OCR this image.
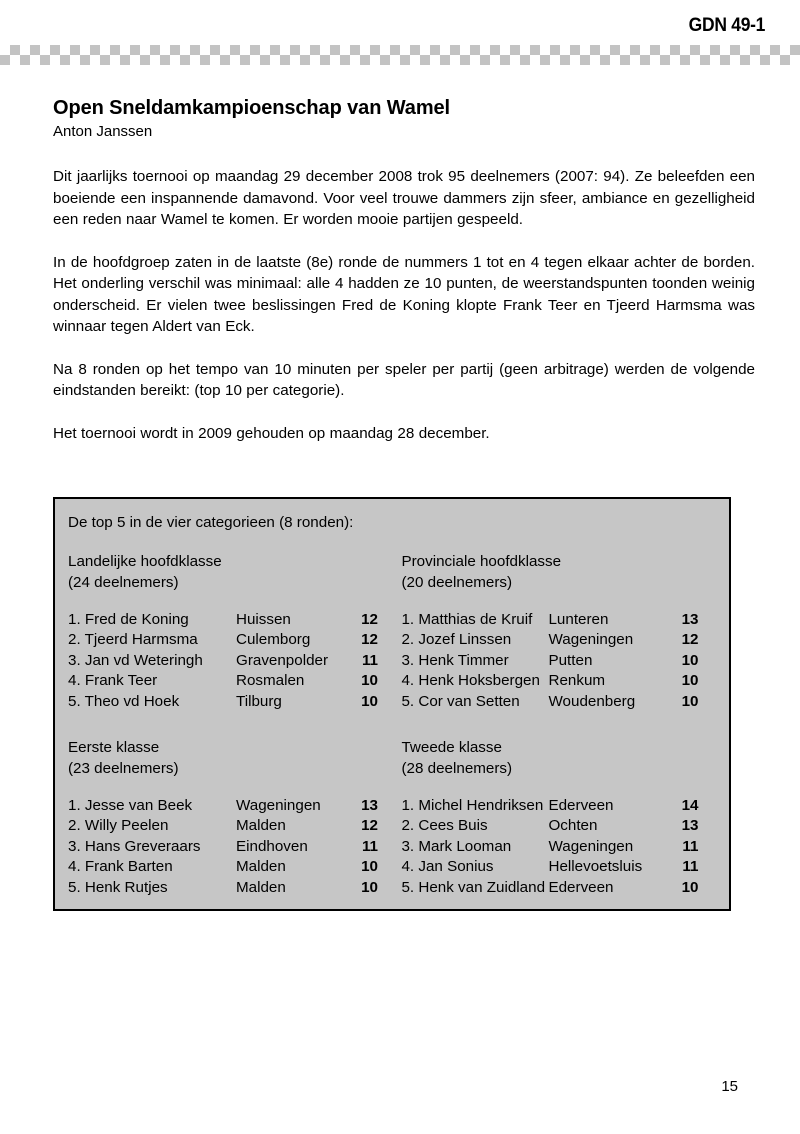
GDN 49-1
Open Sneldamkampioenschap van Wamel
Anton Janssen

Dit jaarlijks toernooi op maandag 29 december 2008 trok 95 deelnemers (2007: 94). Ze beleefden een boeiende een inspannende damavond. Voor veel trouwe dammers zijn sfeer, ambiance en gezelligheid een reden naar Wamel te komen. Er worden mooie partijen gespeeld.

In de hoofdgroep zaten in de laatste (8e) ronde de nummers 1 tot en 4 tegen elkaar achter de borden. Het onderling verschil was minimaal: alle 4 hadden ze 10 punten, de weerstandspunten toonden weinig onderscheid. Er vielen twee beslissingen Fred de Koning klopte Frank Teer en Tjeerd Harmsma was winnaar tegen Aldert van Eck.

Na 8 ronden op het tempo van 10 minuten per speler per partij (geen arbitrage) werden de volgende eindstanden bereikt: (top 10 per categorie).

Het toernooi wordt in 2009 gehouden op maandag 28 december.

De top 5 in de vier categorieen (8 ronden):
Landelijke hoofdklasse
(24 deelnemers)
1. Fred de Koning	Huissen	12
2. Tjeerd Harmsma	Culemborg	12
3. Jan vd Weteringh	Gravenpolder	11
4. Frank Teer	Rosmalen	10
5. Theo vd Hoek	Tilburg	10
Provinciale hoofdklasse
(20 deelnemers)
1. Matthias de Kruif	Lunteren	13
2. Jozef Linssen	Wageningen	12
3. Henk Timmer	Putten	10
4. Henk Hoksbergen	Renkum	10
5. Cor van Setten	Woudenberg	10
Eerste klasse
(23 deelnemers)
1. Jesse van Beek	Wageningen	13
2. Willy Peelen	Malden	12
3. Hans Greveraars	Eindhoven	11
4. Frank Barten	Malden	10
5. Henk Rutjes	Malden	10
Tweede klasse
(28 deelnemers)
1. Michel Hendriksen	Ederveen	14
2. Cees Buis	Ochten	13
3. Mark Looman	Wageningen	11
4. Jan Sonius	Hellevoetsluis	11
5. Henk van Zuidland	Ederveen	10
15
